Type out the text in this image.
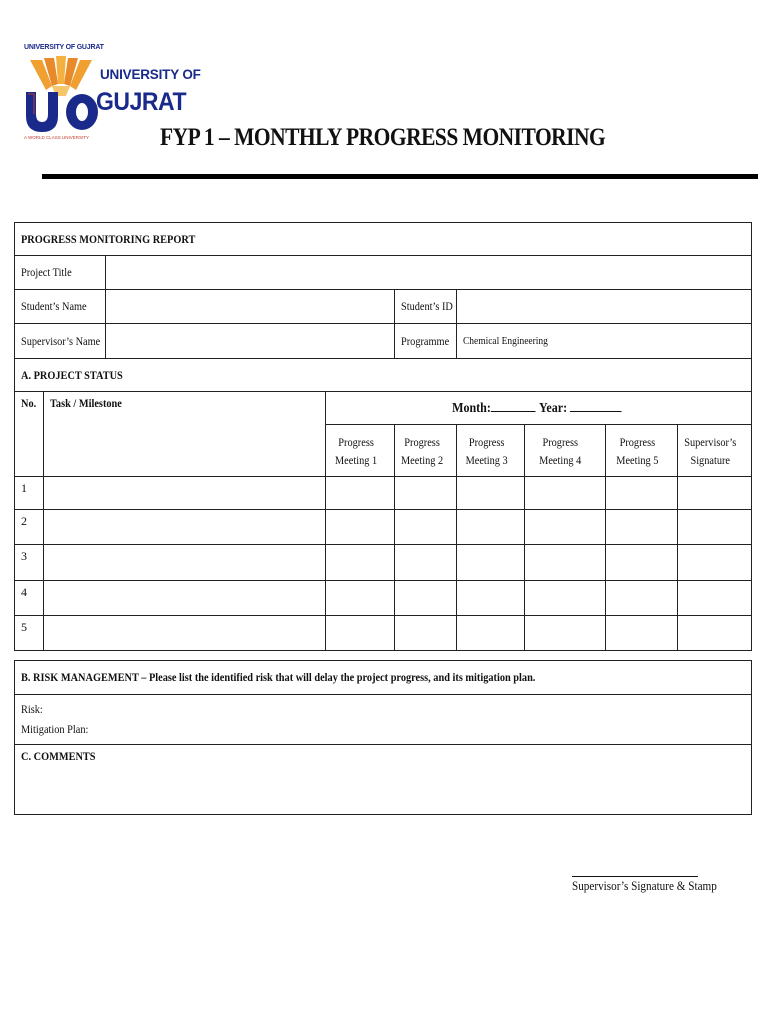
UNIVERSITY OF GUJRAT
UNIVERSITY OF
GUJRAT
A WORLD CLASS UNIVERSITY	FYP 1 – MONTHLY PROGRESS MONITORING
PROGRESS MONITORING REPORT								
Project Title								
Student’s Name				Student’s ID				
Supervisor’s Name				Programme	Chemical Engineering			
A. PROJECT STATUS								
No.	Task / Milestone		Month: Year:					
			Progress Meeting 1	Progress Meeting 2	Progress Meeting 3	Progress Meeting 4	Progress Meeting 5	Supervisor’s Signature
1								
2								
3								
4								
5								
B. RISK MANAGEMENT – Please list the identified risk that will delay the project progress, and its mitigation plan.

Risk:
Mitigation Plan:

C. COMMENTS
Supervisor’s Signature & Stamp
